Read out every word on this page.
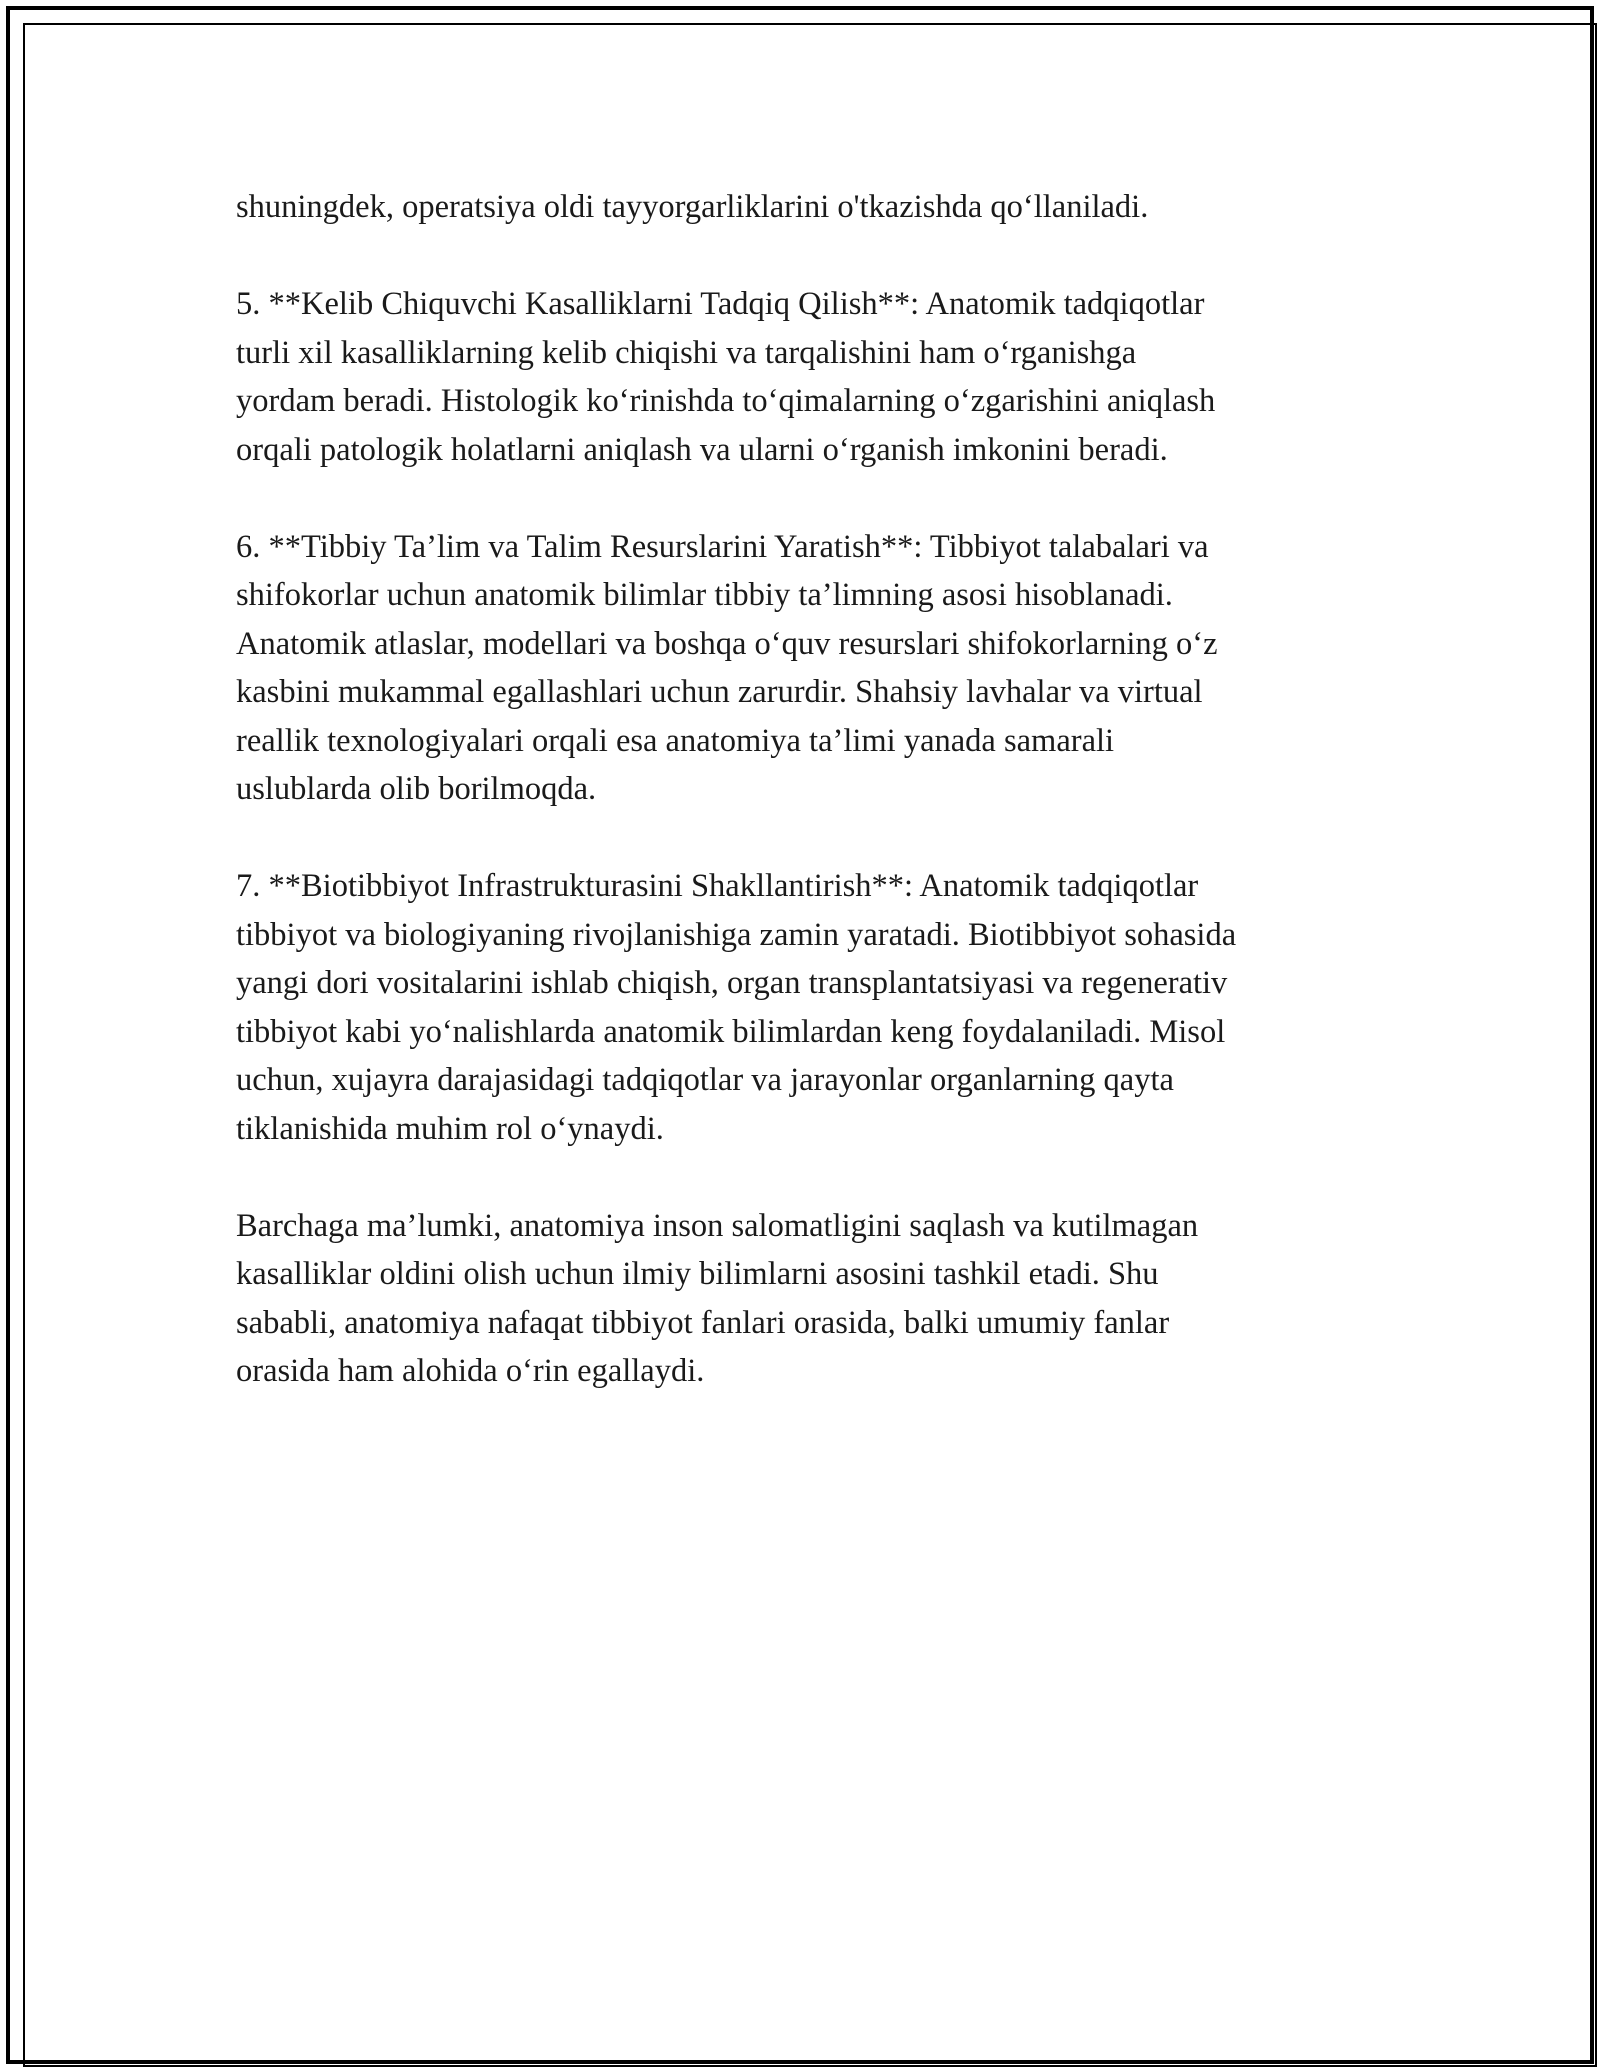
shuningdek, operatsiya oldi tayyorgarliklarini o'tkazishda qo‘llaniladi.

5. **Kelib Chiquvchi Kasalliklarni Tadqiq Qilish**: Anatomik tadqiqotlar
turli xil kasalliklarning kelib chiqishi va tarqalishini ham o‘rganishga
yordam beradi. Histologik ko‘rinishda to‘qimalarning o‘zgarishini aniqlash
orqali patologik holatlarni aniqlash va ularni o‘rganish imkonini beradi.

6. **Tibbiy Ta’lim va Talim Resurslarini Yaratish**: Tibbiyot talabalari va
shifokorlar uchun anatomik bilimlar tibbiy ta’limning asosi hisoblanadi.
Anatomik atlaslar, modellari va boshqa o‘quv resurslari shifokorlarning o‘z
kasbini mukammal egallashlari uchun zarurdir. Shahsiy lavhalar va virtual
reallik texnologiyalari orqali esa anatomiya ta’limi yanada samarali
uslublarda olib borilmoqda.

7. **Biotibbiyot Infrastrukturasini Shakllantirish**: Anatomik tadqiqotlar
tibbiyot va biologiyaning rivojlanishiga zamin yaratadi. Biotibbiyot sohasida
yangi dori vositalarini ishlab chiqish, organ transplantatsiyasi va regenerativ
tibbiyot kabi yo‘nalishlarda anatomik bilimlardan keng foydalaniladi. Misol
uchun, xujayra darajasidagi tadqiqotlar va jarayonlar organlarning qayta
tiklanishida muhim rol o‘ynaydi.

Barchaga ma’lumki, anatomiya inson salomatligini saqlash va kutilmagan
kasalliklar oldini olish uchun ilmiy bilimlarni asosini tashkil etadi. Shu
sababli, anatomiya nafaqat tibbiyot fanlari orasida, balki umumiy fanlar
orasida ham alohida o‘rin egallaydi.
